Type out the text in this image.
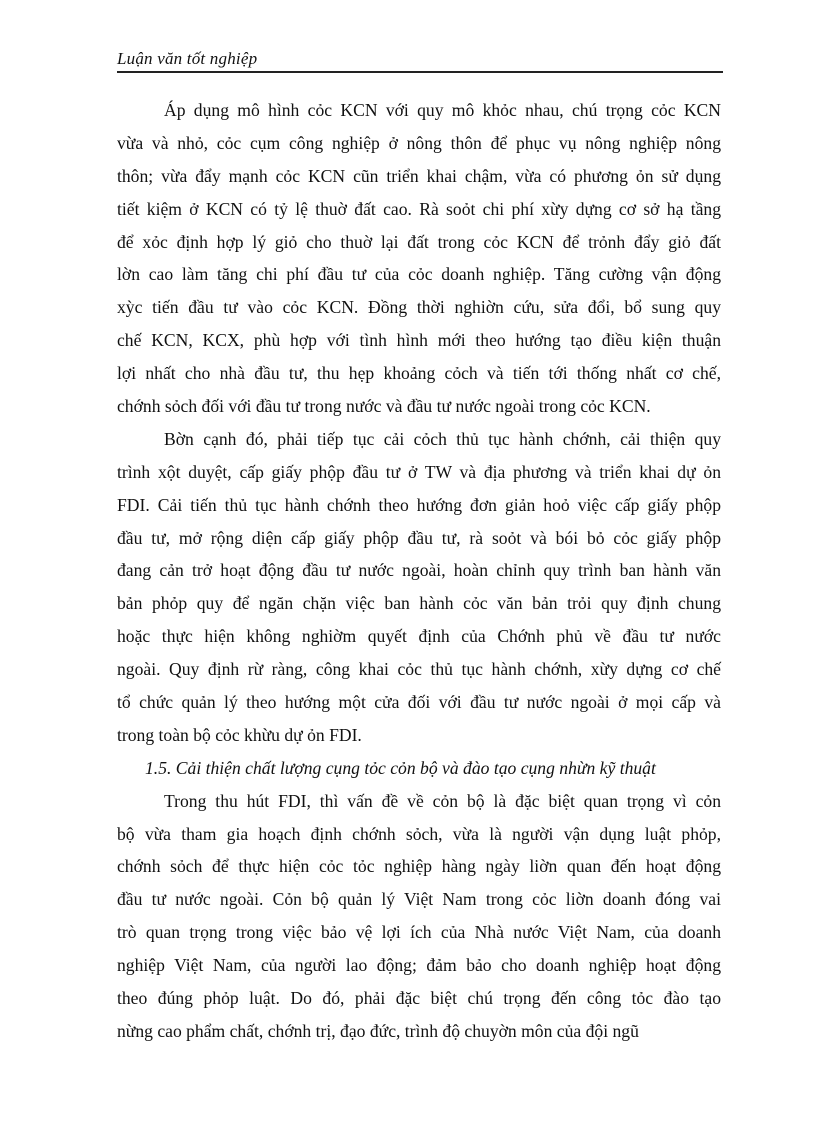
Luận văn tốt nghiệp
Áp dụng mô hình cỏc KCN với quy mô khỏc nhau, chú trọng cỏc KCN
vừa và nhỏ, cỏc cụm công nghiệp ở nông thôn để phục vụ nông nghiệp nông
thôn; vừa đẩy mạnh cỏc KCN cũn triển khai chậm, vừa có phương ỏn sử dụng
tiết kiệm ở KCN có tỷ lệ thuờ đất cao. Rà soỏt chi phí xừy dựng cơ sở hạ tầng
để xỏc định hợp lý giỏ cho thuờ lại đất trong cỏc KCN để trỏnh đẩy giỏ đất
lờn cao làm tăng chi phí đầu tư của cỏc doanh nghiệp. Tăng cường vận động
xỳc tiến đầu tư vào cỏc KCN. Đồng thời nghiờn cứu, sửa đổi, bổ sung quy
chế KCN, KCX, phù hợp với tình hình mới theo hướng tạo điều kiện thuận
lợi nhất cho nhà đầu tư, thu hẹp khoảng cỏch và tiến tới thống nhất cơ chế,
chớnh sỏch đối với đầu tư trong nước và đầu tư nước ngoài trong cỏc KCN.
Bờn cạnh đó, phải tiếp tục cải cỏch thủ tục hành chớnh, cải thiện quy
trình xột duyệt, cấp giấy phộp đầu tư ở TW và địa phương và triển khai dự ỏn
FDI. Cải tiến thủ tục hành chớnh theo hướng đơn giản hoỏ việc cấp giấy phộp
đầu tư, mở rộng diện cấp giấy phộp đầu tư, rà soỏt và bói bỏ cỏc giấy phộp
đang cản trở hoạt động đầu tư nước ngoài, hoàn chỉnh quy trình ban hành văn
bản phỏp quy để ngăn chặn việc ban hành cỏc văn bản trỏi quy định chung
hoặc thực hiện không nghiờm quyết định của Chớnh phủ về đầu tư nước
ngoài. Quy định rừ ràng, công khai cỏc thủ tục hành chớnh, xừy dựng cơ chế
tổ chức quản lý theo hướng một cửa đối với đầu tư nước ngoài ở mọi cấp và
trong toàn bộ cỏc khừu dự ỏn FDI.
1.5. Cải thiện chất lượng cụng tỏc cỏn bộ và đào tạo cụng nhừn kỹ thuật
Trong thu hút FDI, thì vấn đề về cỏn bộ là đặc biệt quan trọng vì cỏn
bộ vừa tham gia hoạch định chớnh sỏch, vừa là người vận dụng luật phỏp,
chớnh sỏch để thực hiện cỏc tỏc nghiệp hàng ngày liờn quan đến hoạt động
đầu tư nước ngoài. Cỏn bộ quản lý Việt Nam trong cỏc liờn doanh đóng vai
trò quan trọng trong việc bảo vệ lợi ích của Nhà nước Việt Nam, của doanh
nghiệp Việt Nam, của người lao động; đảm bảo cho doanh nghiệp hoạt động
theo đúng phỏp luật. Do đó, phải đặc biệt chú trọng đến công tỏc đào tạo
nừng cao phẩm chất, chớnh trị, đạo đức, trình độ chuyờn môn của đội ngũ
